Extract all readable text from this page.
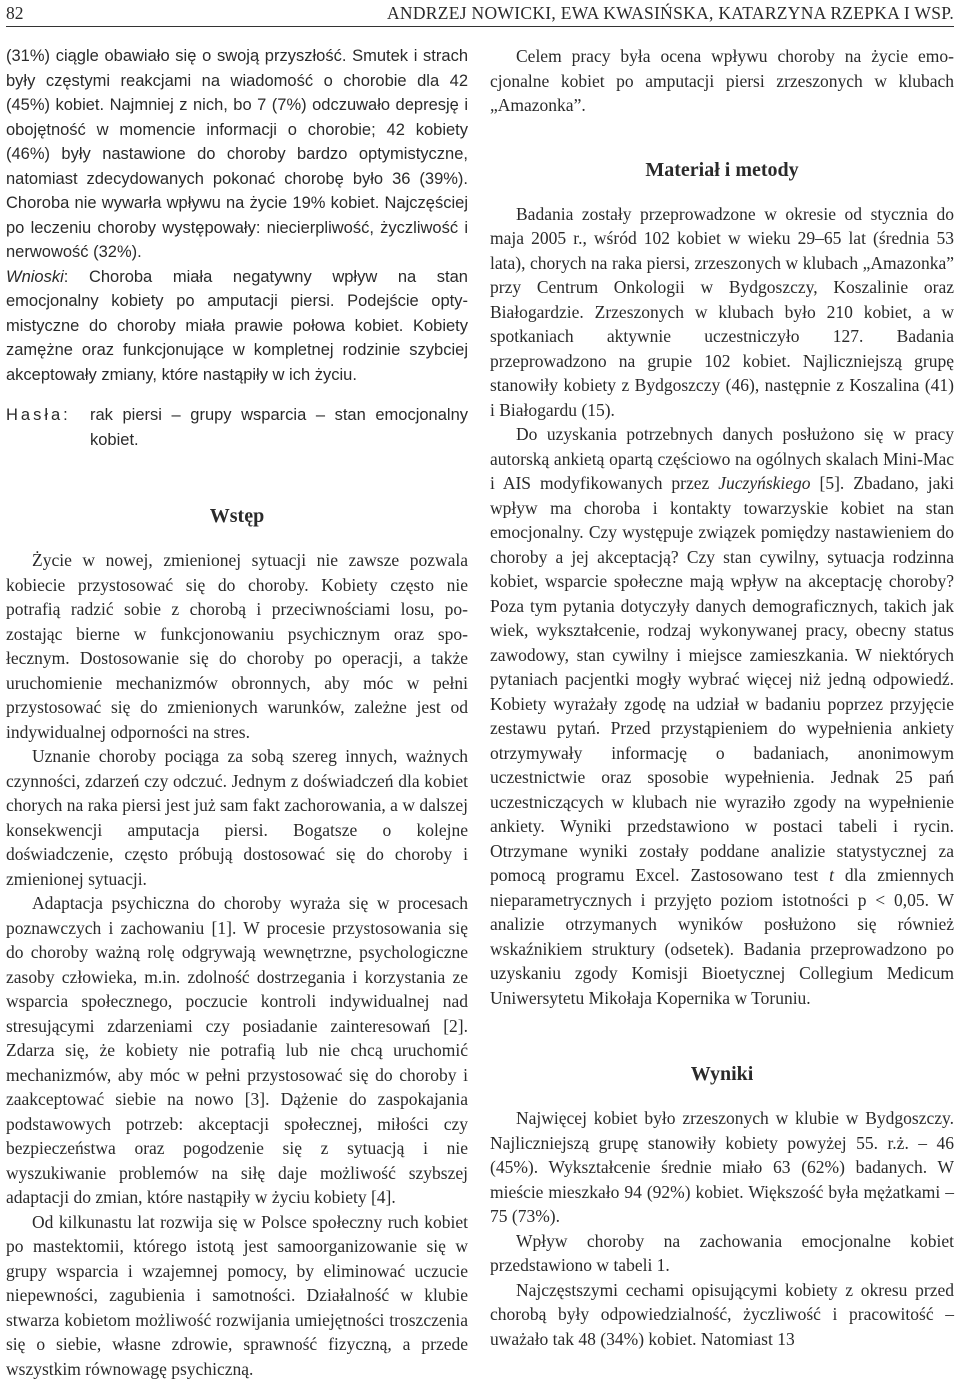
82	ANDRZEJ NOWICKI, EWA KWASIŃSKA, KATARZYNA RZEPKA I WSP.

(31%) ciągle obawiało się o swoją przyszłość. Smutek i strach były częstymi reakcjami na wiadomość o chorobie dla 42 (45%) kobiet. Najmniej z nich, bo 7 (7%) odczuwało depresję i obojętność w momencie informacji o chorobie; 42 kobiety (46%) były nastawione do choroby bardzo optymistyczne, natomiast zdecydowanych pokonać chorobę było 36 (39%). Choroba nie wywarła wpływu na życie 19% kobiet. Najczęściej po leczeniu choroby występowały: niecierpliwość, życzliwość i nerwowość (32%).

Wnioski: Choroba miała negatywny wpływ na stan emocjonalny kobiety po amputacji piersi. Podejście optymistyczne do choroby miała prawie połowa kobiet. Kobiety zamężne oraz funkcjonujące w kompletnej rodzinie szybciej akceptowały zmiany, które nastąpiły w ich życiu.

Hasła:	rak piersi – grupy wsparcia – stan emocjonalny kobiet.
Wstęp

Życie w nowej, zmienionej sytuacji nie zawsze pozwala kobiecie przystosować się do choroby. Kobiety często nie potrafią radzić sobie z chorobą i przeciwnościami losu, pozostając bierne w funkcjonowaniu psychicznym oraz społecznym. Dostosowanie się do choroby po operacji, a także uruchomienie mechanizmów obronnych, aby móc w pełni przystosować się do zmienionych warunków, zależne jest od indywidualnej odporności na stres.

Uznanie choroby pociąga za sobą szereg innych, ważnych czynności, zdarzeń czy odczuć. Jednym z doświadczeń dla kobiet chorych na raka piersi jest już sam fakt zachorowania, a w dalszej konsekwencji amputacja piersi. Bogatsze o kolejne doświadczenie, często próbują dostosować się do choroby i zmienionej sytuacji.

Adaptacja psychiczna do choroby wyraża się w procesach poznawczych i zachowaniu [1]. W procesie przystosowania się do choroby ważną rolę odgrywają wewnętrzne, psychologiczne zasoby człowieka, m.in. zdolność dostrzegania i korzystania ze wsparcia społecznego, poczucie kontroli indywidualnej nad stresującymi zdarzeniami czy posiadanie zainteresowań [2]. Zdarza się, że kobiety nie potrafią lub nie chcą uruchomić mechanizmów, aby móc w pełni przystosować się do choroby i zaakceptować siebie na nowo [3]. Dążenie do zaspokajania podstawowych potrzeb: akceptacji społecznej, miłości czy bezpieczeństwa oraz pogodzenie się z sytuacją i nie wyszukiwanie problemów na siłę daje możliwość szybszej adaptacji do zmian, które nastąpiły w życiu kobiety [4].

Od kilkunastu lat rozwija się w Polsce społeczny ruch kobiet po mastektomii, którego istotą jest samoorganizowanie się w grupy wsparcia i wzajemnej pomocy, by eliminować uczucie niepewności, zagubienia i samotności. Działalność w klubie stwarza kobietom możliwość rozwijania umiejętności troszczenia się o siebie, własne zdrowie, sprawność fizyczną, a przede wszystkim równowagę psychiczną.

Celem pracy była ocena wpływu choroby na życie emocjonalne kobiet po amputacji piersi zrzeszonych w klubach „Amazonka”.

Materiał i metody

Badania zostały przeprowadzone w okresie od stycznia do maja 2005 r., wśród 102 kobiet w wieku 29–65 lat (średnia 53 lata), chorych na raka piersi, zrzeszonych w klubach „Amazonka” przy Centrum Onkologii w Bydgoszczy, Koszalinie oraz Białogardzie. Zrzeszonych w klubach było 210 kobiet, a w spotkaniach aktywnie uczestniczyło 127. Badania przeprowadzono na grupie 102 kobiet. Najliczniejszą grupę stanowiły kobiety z Bydgoszczy (46), następnie z Koszalina (41) i Białogardu (15).

Do uzyskania potrzebnych danych posłużono się w pracy autorską ankietą opartą częściowo na ogólnych skalach Mini-Mac i AIS modyfikowanych przez Juczyńskiego [5]. Zbadano, jaki wpływ ma choroba i kontakty towarzyskie kobiet na stan emocjonalny. Czy występuje związek pomiędzy nastawieniem do choroby a jej akceptacją? Czy stan cywilny, sytuacja rodzinna kobiet, wsparcie społeczne mają wpływ na akceptację choroby? Poza tym pytania dotyczyły danych demograficznych, takich jak wiek, wykształcenie, rodzaj wykonywanej pracy, obecny status zawodowy, stan cywilny i miejsce zamieszkania. W niektórych pytaniach pacjentki mogły wybrać więcej niż jedną odpowiedź. Kobiety wyrażały zgodę na udział w badaniu poprzez przyjęcie zestawu pytań. Przed przystąpieniem do wypełnienia ankiety otrzymywały informację o badaniach, anonimowym uczestnictwie oraz sposobie wypełnienia. Jednak 25 pań uczestniczących w klubach nie wyraziło zgody na wypełnienie ankiety. Wyniki przedstawiono w postaci tabeli i rycin. Otrzymane wyniki zostały poddane analizie statystycznej za pomocą programu Excel. Zastosowano test t dla zmiennych nieparametrycznych i przyjęto poziom istotności p < 0,05. W analizie otrzymanych wyników posłużono się również wskaźnikiem struktury (odsetek). Badania przeprowadzono po uzyskaniu zgody Komisji Bioetycznej Collegium Medicum Uniwersytetu Mikołaja Kopernika w Toruniu.

Wyniki

Najwięcej kobiet było zrzeszonych w klubie w Bydgoszczy. Najliczniejszą grupę stanowiły kobiety powyżej 55. r.ż. – 46 (45%). Wykształcenie średnie miało 63 (62%) badanych. W mieście mieszkało 94 (92%) kobiet. Większość była mężatkami – 75 (73%).

Wpływ choroby na zachowania emocjonalne kobiet przedstawiono w tabeli 1.

Najczęstszymi cechami opisującymi kobiety z okresu przed chorobą były odpowiedzialność, życzliwość i pracowitość – uważało tak 48 (34%) kobiet. Natomiast 13
